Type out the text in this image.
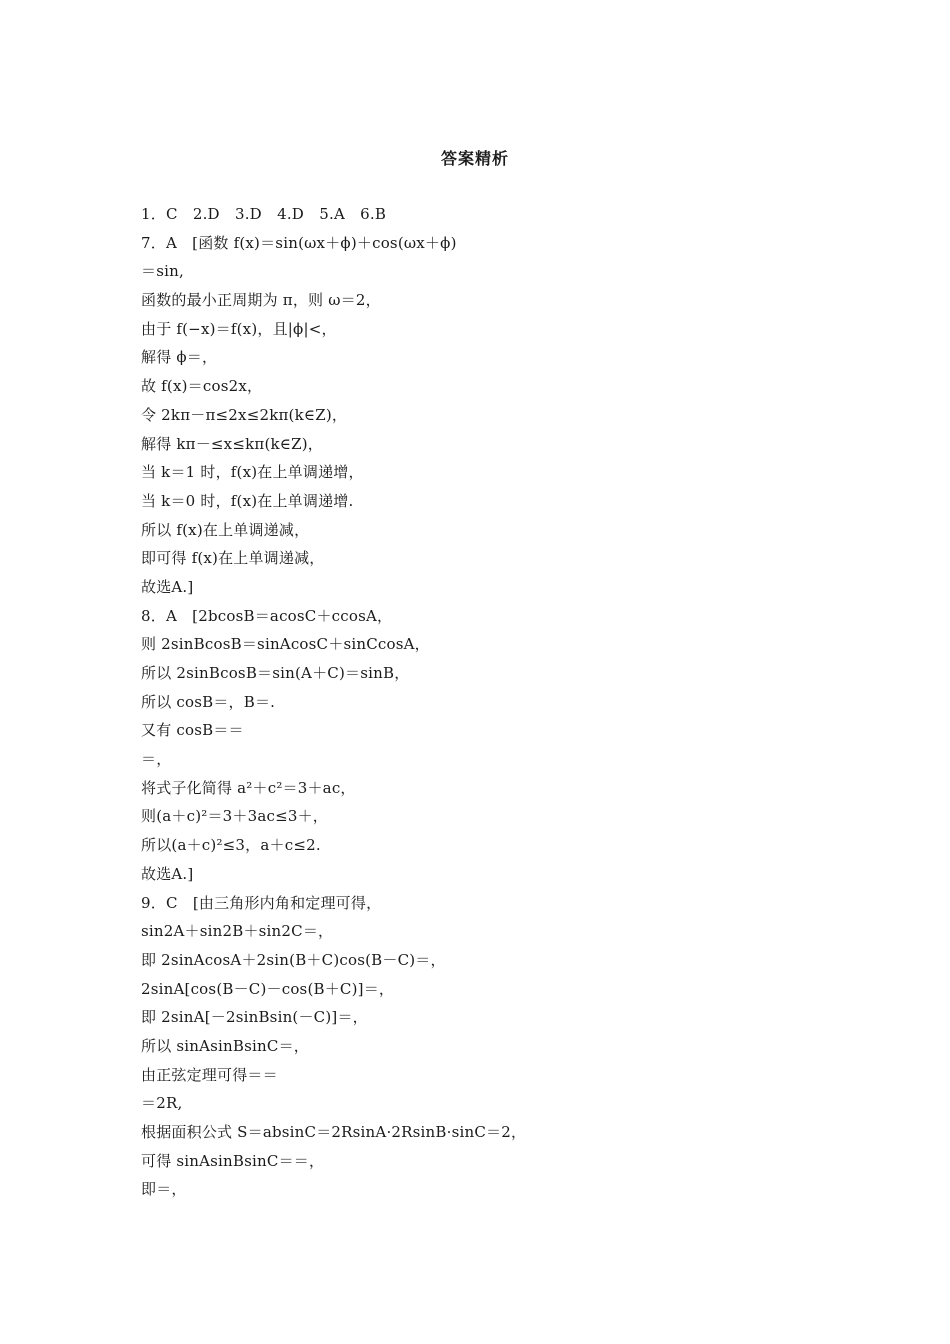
答案精析
1．C　2.D　3.D　4.D　5.A　6.B
7．A　[函数 f(x)＝sin(ωx＋ϕ)＋cos(ωx＋ϕ)
＝sin,
函数的最小正周期为 π，则 ω＝2，
由于 f(−x)＝f(x)，且|ϕ|<，
解得 ϕ＝，
故 f(x)＝cos2x，
令 2kπ－π≤2x≤2kπ(k∈Z)，
解得 kπ－≤x≤kπ(k∈Z)，
当 k＝1 时，f(x)在上单调递增，
当 k＝0 时，f(x)在上单调递增.
所以 f(x)在上单调递减，
即可得 f(x)在上单调递减，
故选A.]
8．A　[2bcosB＝acosC＋ccosA，
则 2sinBcosB＝sinAcosC＋sinCcosA，
所以 2sinBcosB＝sin(A＋C)＝sinB，
所以 cosB＝，B＝.
又有 cosB＝＝
＝，
将式子化简得 a²＋c²＝3＋ac，
则(a＋c)²＝3＋3ac≤3＋，
所以(a＋c)²≤3，a＋c≤2.
故选A.]
9．C　[由三角形内角和定理可得，
sin2A＋sin2B＋sin2C＝，
即 2sinAcosA＋2sin(B＋C)cos(B－C)＝，
2sinA[cos(B－C)－cos(B＋C)]＝，
即 2sinA[－2sinBsin(－C)]＝，
所以 sinAsinBsinC＝，
由正弦定理可得＝＝
＝2R,
根据面积公式 S＝absinC＝2RsinA·2RsinB·sinC＝2，
可得 sinAsinBsinC＝＝，
即＝，
